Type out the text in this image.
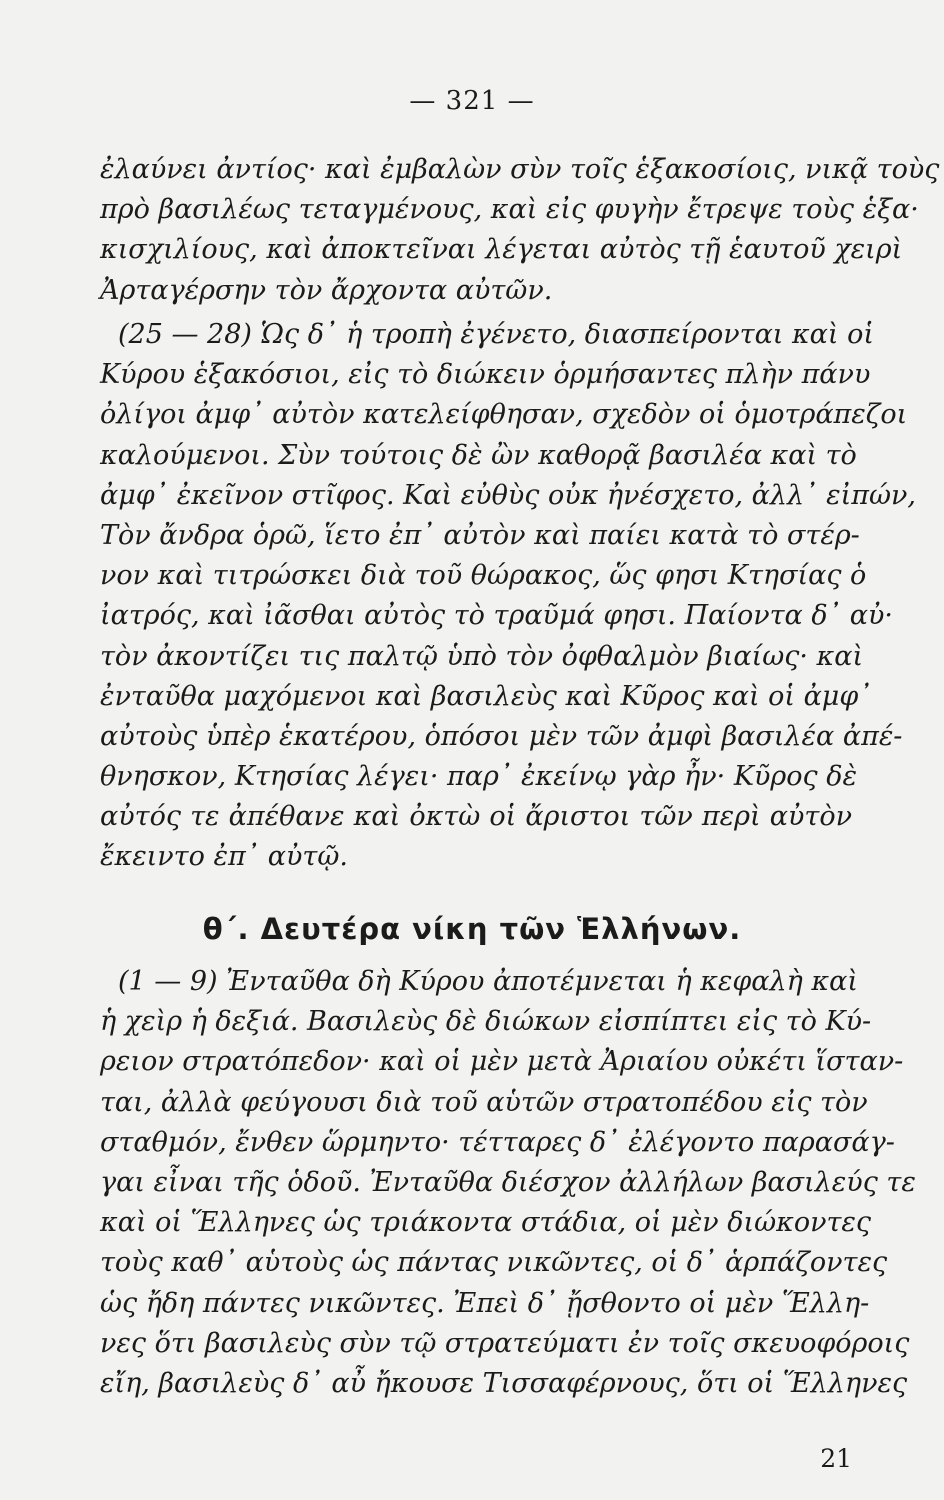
— 321 —
ἐλαύνει ἀντίος· καὶ ἐμβαλὼν σὺν τοῖς ἑξακοσίοις, νικᾷ τοὺς
πρὸ βασιλέως τεταγμένους, καὶ εἰς φυγὴν ἔτρεψε τοὺς ἑξα·
κισχιλίους, καὶ ἀποκτεῖναι λέγεται αὐτὸς τῇ ἑαυτοῦ χειρὶ
Ἀρταγέρσην τὸν ἄρχοντα αὐτῶν.
(25 — 28) Ὡς δ᾽ ἡ τροπὴ ἐγένετο, διασπείρονται καὶ οἱ
Κύρου ἑξακόσιοι, εἰς τὸ διώκειν ὁρμήσαντες πλὴν πάνυ
ὀλίγοι ἀμφ᾽ αὐτὸν κατελείφθησαν, σχεδὸν οἱ ὁμοτράπεζοι
καλούμενοι. Σὺν τούτοις δὲ ὢν καθορᾷ βασιλέα καὶ τὸ
ἀμφ᾽ ἐκεῖνον στῖφος. Καὶ εὐθὺς οὐκ ἠνέσχετο, ἀλλ᾽ εἰπών,
Τὸν ἄνδρα ὁρῶ, ἵετο ἐπ᾽ αὐτὸν καὶ παίει κατὰ τὸ στέρ-
νον καὶ τιτρώσκει διὰ τοῦ θώρακος, ὥς φησι Κτησίας ὁ
ἰατρός, καὶ ἰᾶσθαι αὐτὸς τὸ τραῦμά φησι. Παίοντα δ᾽ αὐ·
τὸν ἀκοντίζει τις παλτῷ ὑπὸ τὸν ὀφθαλμὸν βιαίως· καὶ
ἐνταῦθα μαχόμενοι καὶ βασιλεὺς καὶ Κῦρος καὶ οἱ ἀμφ᾽
αὐτοὺς ὑπὲρ ἑκατέρου, ὁπόσοι μὲν τῶν ἀμφὶ βασιλέα ἀπέ-
θνησκον, Κτησίας λέγει· παρ᾽ ἐκείνῳ γὰρ ἦν· Κῦρος δὲ
αὐτός τε ἀπέθανε καὶ ὀκτὼ οἱ ἄριστοι τῶν περὶ αὐτὸν
ἔκειντο ἐπ᾽ αὐτῷ.
θ΄. Δευτέρα νίκη τῶν Ἑλλήνων.
(1 — 9) Ἐνταῦθα δὴ Κύρου ἀποτέμνεται ἡ κεφαλὴ καὶ
ἡ χεὶρ ἡ δεξιά. Βασιλεὺς δὲ διώκων εἰσπίπτει εἰς τὸ Κύ-
ρειον στρατόπεδον· καὶ οἱ μὲν μετὰ Ἀριαίου οὐκέτι ἵσταν-
ται, ἀλλὰ φεύγουσι διὰ τοῦ αὑτῶν στρατοπέδου εἰς τὸν
σταθμόν, ἔνθεν ὥρμηντο· τέτταρες δ᾽ ἐλέγοντο παρασάγ-
γαι εἶναι τῆς ὁδοῦ. Ἐνταῦθα διέσχον ἀλλήλων βασιλεύς τε
καὶ οἱ Ἕλληνες ὡς τριάκοντα στάδια, οἱ μὲν διώκοντες
τοὺς καθ᾽ αὑτοὺς ὡς πάντας νικῶντες, οἱ δ᾽ ἁρπάζοντες
ὡς ἤδη πάντες νικῶντες. Ἐπεὶ δ᾽ ᾔσθοντο οἱ μὲν Ἕλλη-
νες ὅτι βασιλεὺς σὺν τῷ στρατεύματι ἐν τοῖς σκευοφόροις
εἴη, βασιλεὺς δ᾽ αὖ ἤκουσε Τισσαφέρνους, ὅτι οἱ Ἕλληνες
21
